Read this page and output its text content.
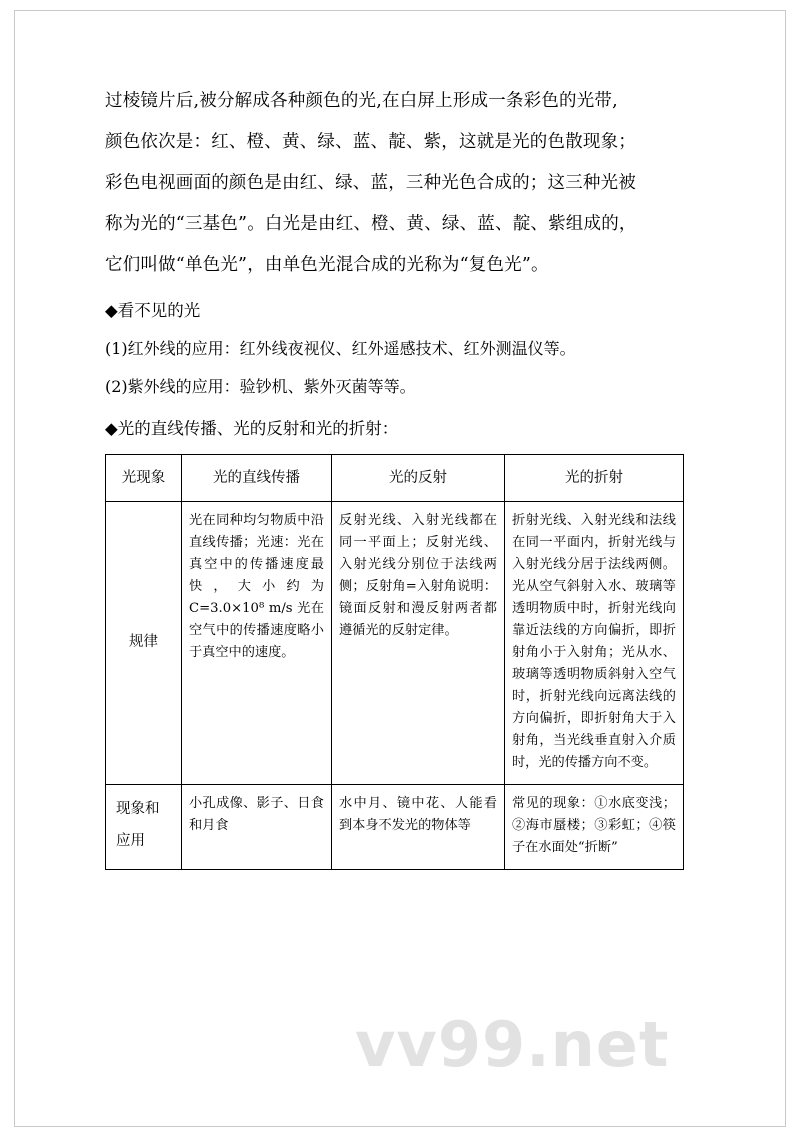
过棱镜片后,被分解成各种颜色的光,在白屏上形成一条彩色的光带,
颜色依次是：红、橙、黄、绿、蓝、靛、紫，这就是光的色散现象；
彩色电视画面的颜色是由红、绿、蓝，三种光色合成的；这三种光被
称为光的“三基色”。白光是由红、橙、黄、绿、蓝、靛、紫组成的，
它们叫做“单色光”，由单色光混合成的光称为“复色光”。
◆看不见的光
(1)红外线的应用：红外线夜视仪、红外遥感技术、红外测温仪等。
(2)紫外线的应用：验钞机、紫外灭菌等等。
◆光的直线传播、光的反射和光的折射：
光现象	光的直线传播	光的反射	光的折射
规律	光在同种均匀物质中沿直线传播；光速：光在真空中的传播速度最快，大小约为 C=3.0×10⁸ m/s 光在空气中的传播速度略小于真空中的速度。	反射光线、入射光线都在同一平面上；反射光线、入射光线分别位于法线两侧；反射角=入射角说明：镜面反射和漫反射两者都遵循光的反射定律。	折射光线、入射光线和法线在同一平面内，折射光线与入射光线分居于法线两侧。光从空气斜射入水、玻璃等透明物质中时，折射光线向靠近法线的方向偏折，即折射角小于入射角；光从水、玻璃等透明物质斜射入空气时，折射光线向远离法线的方向偏折，即折射角大于入射角，当光线垂直射入介质时，光的传播方向不变。
现象和 应用	小孔成像、影子、日食和月食	水中月、镜中花、人能看到本身不发光的物体等	常见的现象：①水底变浅；②海市蜃楼；③彩虹；④筷子在水面处“折断”
vv99.net
